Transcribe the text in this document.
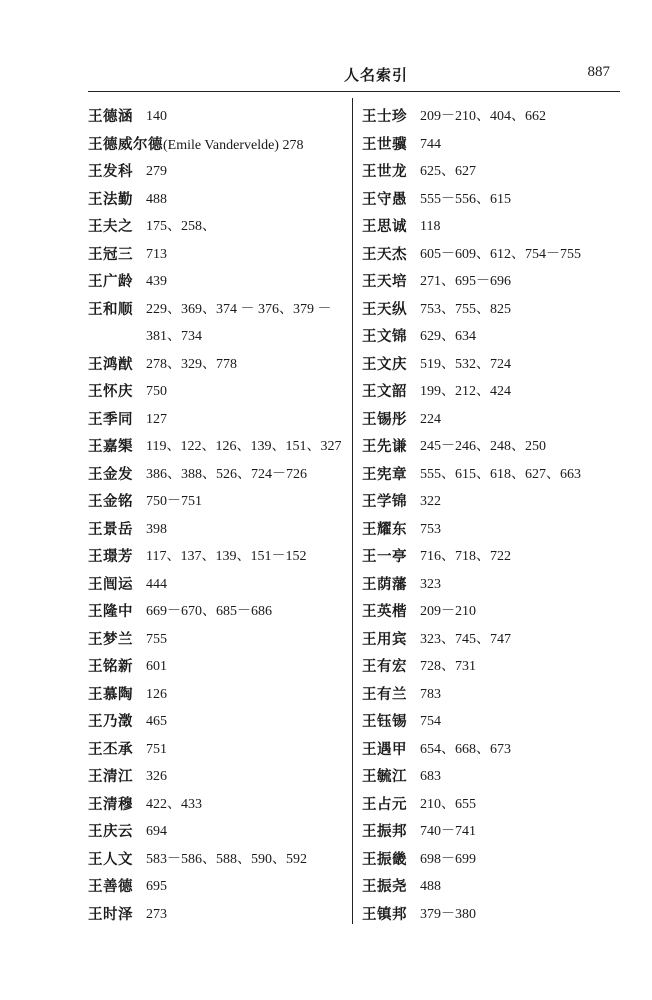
人名索引	887
王德涵 140
王德威尔德(Emile Vandervelde) 278
王发科 279
王法勤 488
王夫之 175、258、
王冠三 713
王广龄 439
王和顺 229、369、374 － 376、379 －
381、734
王鸿猷 278、329、778
王怀庆 750
王季同 127
王嘉榘 119、122、126、139、151、327
王金发 386、388、526、724－726
王金铭 750－751
王景岳 398
王璟芳 117、137、139、151－152
王闿运 444
王隆中 669－670、685－686
王梦兰 755
王铭新 601
王慕陶 126
王乃澂 465
王丕承 751
王清江 326
王清穆 422、433
王庆云 694
王人文 583－586、588、590、592
王善德 695
王时泽 273
王士珍 209－210、404、662
王世骥 744
王世龙 625、627
王守愚 555－556、615
王思诚 118
王天杰 605－609、612、754－755
王天培 271、695－696
王天纵 753、755、825
王文锦 629、634
王文庆 519、532、724
王文韶 199、212、424
王锡彤 224
王先谦 245－246、248、250
王宪章 555、615、618、627、663
王学锦 322
王耀东 753
王一亭 716、718、722
王荫藩 323
王英楷 209－210
王用宾 323、745、747
王有宏 728、731
王有兰 783
王钰锡 754
王遇甲 654、668、673
王毓江 683
王占元 210、655
王振邦 740－741
王振畿 698－699
王振尧 488
王镇邦 379－380
